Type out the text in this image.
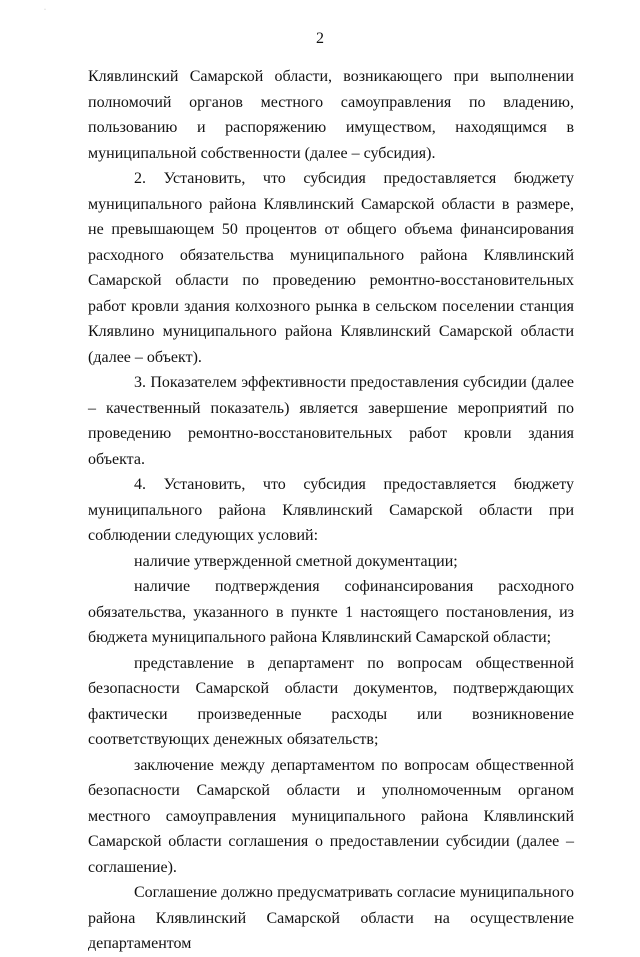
·
2

Клявлинский Самарской области, возникающего при выполнении полномочий органов местного самоуправления по владению, пользованию и распоряжению имуществом, находящимся в муниципальной собственности (далее – субсидия).

2. Установить, что субсидия предоставляется бюджету муниципального района Клявлинский Самарской области в размере, не превышающем 50 процентов от общего объема финансирования расходного обязательства муниципального района Клявлинский Самарской области по проведению ремонтно-восстановительных работ кровли здания колхозного рынка в сельском поселении станция Клявлино муниципального района Клявлинский Самарской области (далее – объект).

3. Показателем эффективности предоставления субсидии (далее – качественный показатель) является завершение мероприятий по проведению ремонтно-восстановительных работ кровли здания объекта.

4. Установить, что субсидия предоставляется бюджету муниципального района Клявлинский Самарской области при соблюдении следующих условий:

наличие утвержденной сметной документации;

наличие подтверждения софинансирования расходного обязательства, указанного в пункте 1 настоящего постановления, из бюджета муниципального района Клявлинский Самарской области;

представление в департамент по вопросам общественной безопасности Самарской области документов, подтверждающих фактически произведенные расходы или возникновение соответствующих денежных обязательств;

заключение между департаментом по вопросам общественной безопасности Самарской области и уполномоченным органом местного самоуправления муниципального района Клявлинский Самарской области соглашения о предоставлении субсидии (далее – соглашение).

Соглашение должно предусматривать согласие муниципального района Клявлинский Самарской области на осуществление департаментом
